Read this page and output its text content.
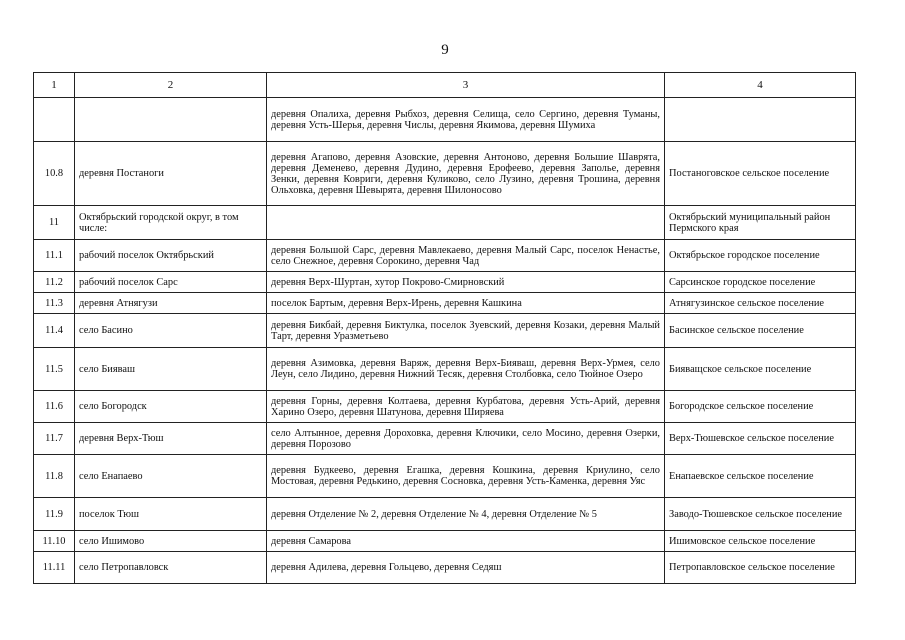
9
1	2	3	4
		деревня Опалиха, деревня Рыбхоз, деревня Селища, село Сергино, деревня Туманы, деревня Усть-Шерья, деревня Числы, деревня Якимова, деревня Шумиха	
10.8	деревня Постаноги	деревня Агапово, деревня Азовские, деревня Антоново, деревня Большие Шаврята, деревня Деменево, деревня Дудино, деревня Ерофеево, деревня Заполье, деревня Зенки, деревня Ковриги, деревня Куликово, село Лузино, деревня Трошина, деревня Ольховка, деревня Шевырята, деревня Шилоносово	Постаноговское сельское поселение
11	Октябрьский городской округ, в том числе:		Октябрьский муниципальный район Пермского края
11.1	рабочий поселок Октябрьский	деревня Большой Сарс, деревня Мавлекаево, деревня Малый Сарс, поселок Ненастье, село Снежное, деревня Сорокино, деревня Чад	Октябрьское городское поселение
11.2	рабочий поселок Сарс	деревня Верх-Шуртан, хутор Покрово-Смирновский	Сарсинское городское поселение
11.3	деревня Атнягузи	поселок Бартым, деревня Верх-Ирень, деревня Кашкина	Атнягузинское сельское поселение
11.4	село Басино	деревня Бикбай, деревня Биктулка, поселок Зуевский, деревня Козаки, деревня Малый Тарт, деревня Уразметьево	Басинское сельское поселение
11.5	село Бияваш	деревня Азимовка, деревня Варяж, деревня Верх-Бияваш, деревня Верх-Урмея, село Леун, село Лидино, деревня Нижний Тесяк, деревня Столбовка, село Тюйное Озеро	Бияващское сельское поселение
11.6	село Богородск	деревня Горны, деревня Колтаева, деревня Курбатова, деревня Усть-Арий, деревня Харино Озеро, деревня Шатунова, деревня Ширяева	Богородское сельское поселение
11.7	деревня Верх-Тюш	село Алтынное, деревня Дороховка, деревня Ключики, село Мосино, деревня Озерки, деревня Порозово	Верх-Тюшевское сельское поселение
11.8	село Енапаево	деревня Будкеево, деревня Егашка, деревня Кошкина, деревня Криулино, село Мостовая, деревня Редькино, деревня Сосновка, деревня Усть-Каменка, деревня Уяс	Енапаевское сельское поселение
11.9	поселок Тюш	деревня Отделение № 2, деревня Отделение № 4, деревня Отделение № 5	Заводо-Тюшевское сельское поселение
11.10	село Ишимово	деревня Самарова	Ишимовское сельское поселение
11.11	село Петропавловск	деревня Адилева, деревня Гольцево, деревня Седяш	Петропавловское сельское поселение
